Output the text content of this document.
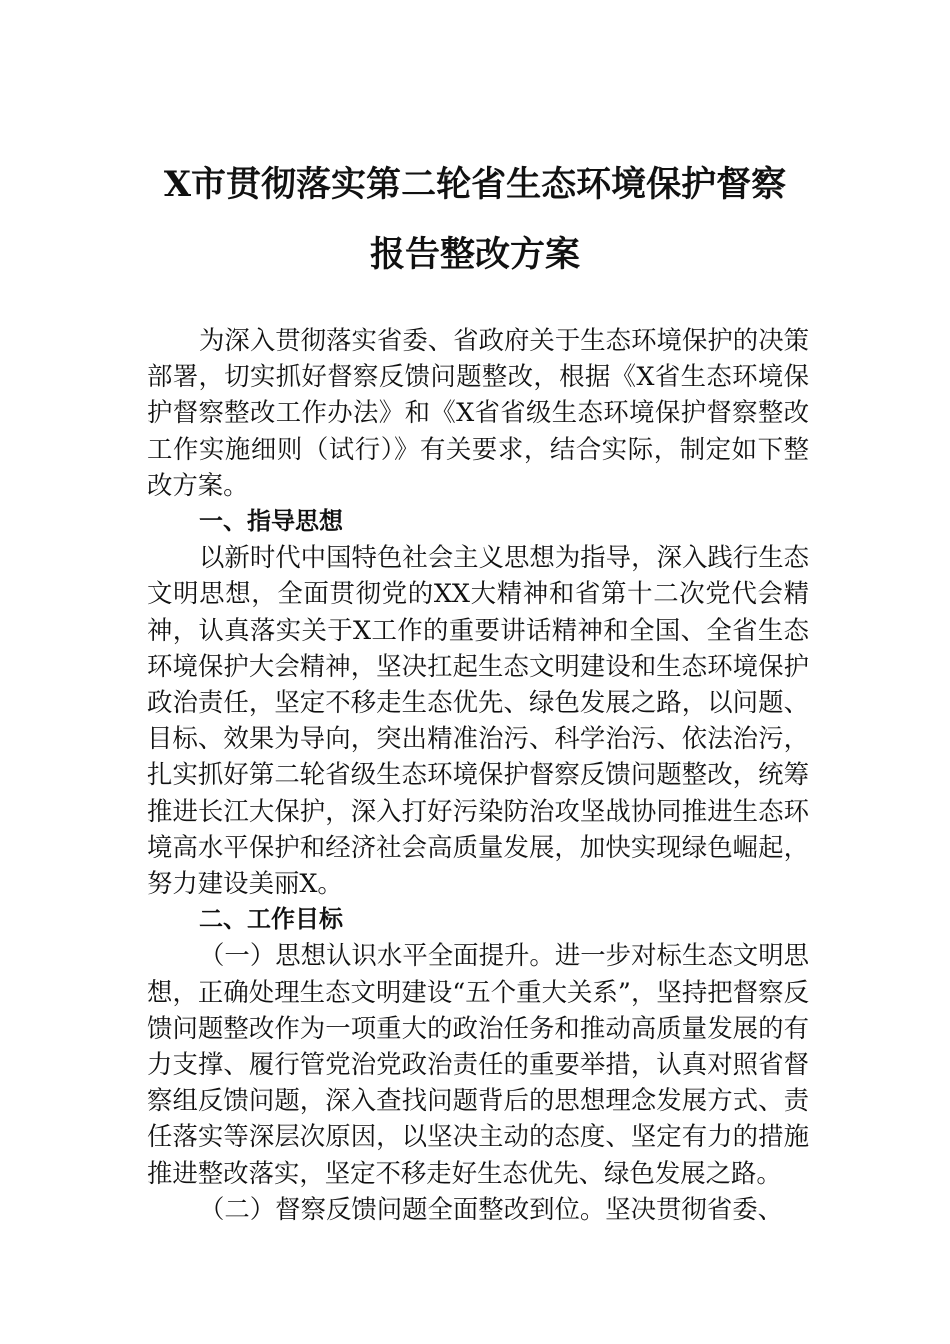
X市贯彻落实第二轮省生态环境保护督察
报告整改方案

为深入贯彻落实省委、省政府关于生态环境保护的决策部署，切实抓好督察反馈问题整改，根据《X省生态环境保护督察整改工作办法》和《X省省级生态环境保护督察整改工作实施细则（试行）》有关要求，结合实际，制定如下整改方案。

一、指导思想

以新时代中国特色社会主义思想为指导，深入践行生态文明思想，全面贯彻党的XX大精神和省第十二次党代会精神，认真落实关于X工作的重要讲话精神和全国、全省生态环境保护大会精神，坚决扛起生态文明建设和生态环境保护政治责任，坚定不移走生态优先、绿色发展之路，以问题、目标、效果为导向，突出精准治污、科学治污、依法治污，扎实抓好第二轮省级生态环境保护督察反馈问题整改，统筹推进长江大保护，深入打好污染防治攻坚战协同推进生态环境高水平保护和经济社会高质量发展，加快实现绿色崛起，努力建设美丽X。

二、工作目标

（一）思想认识水平全面提升。进一步对标生态文明思想，正确处理生态文明建设“五个重大关系”，坚持把督察反馈问题整改作为一项重大的政治任务和推动高质量发展的有力支撑、履行管党治党政治责任的重要举措，认真对照省督察组反馈问题，深入查找问题背后的思想理念发展方式、责任落实等深层次原因，以坚决主动的态度、坚定有力的措施推进整改落实，坚定不移走好生态优先、绿色发展之路。

（二）督察反馈问题全面整改到位。坚决贯彻省委、
